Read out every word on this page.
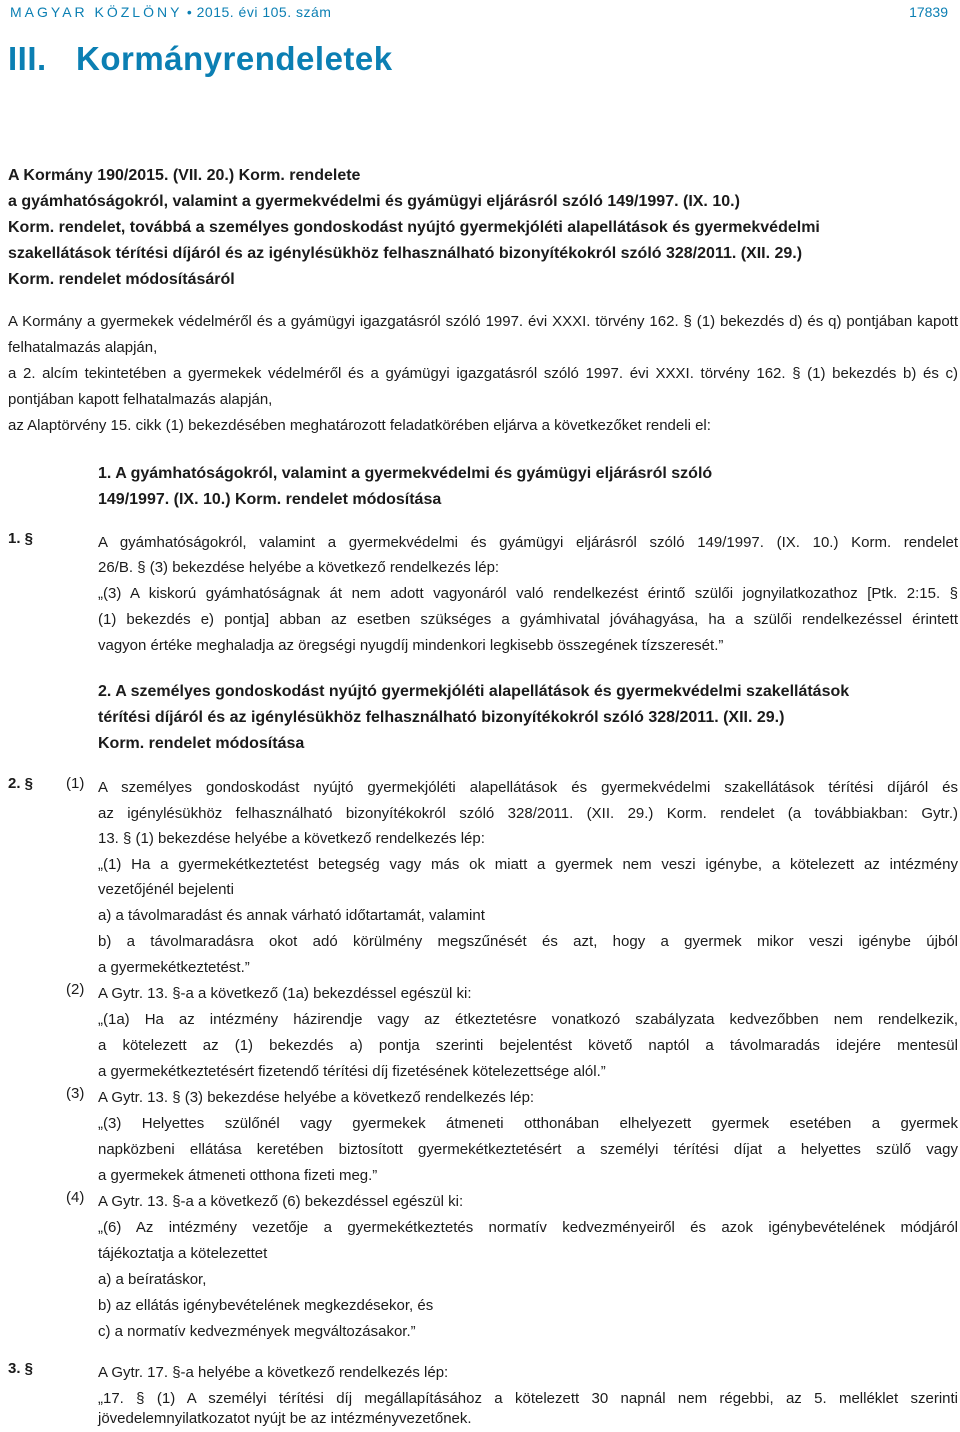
MAGYAR KÖZLÖNY • 2015. évi 105. szám	17839
III. Kormányrendeletek

A Kormány 190/2015. (VII. 20.) Korm. rendelete

a gyámhatóságokról, valamint a gyermekvédelmi és gyámügyi eljárásról szóló 149/1997. (IX. 10.)

Korm. rendelet, továbbá a személyes gondoskodást nyújtó gyermekjóléti alapellátások és gyermekvédelmi

szakellátások térítési díjáról és az igénylésükhöz felhasználható bizonyítékokról szóló 328/2011. (XII. 29.)

Korm. rendelet módosításáról

A Kormány a gyermekek védelméről és a gyámügyi igazgatásról szóló 1997. évi XXXI. törvény 162. § (1) bekezdés d) és q) pontjában kapott felhatalmazás alapján,

a 2. alcím tekintetében a gyermekek védelméről és a gyámügyi igazgatásról szóló 1997. évi XXXI. törvény 162. § (1) bekezdés b) és c) pontjában kapott felhatalmazás alapján,

az Alaptörvény 15. cikk (1) bekezdésében meghatározott feladatkörében eljárva a következőket rendeli el:

1. A gyámhatóságokról, valamint a gyermekvédelmi és gyámügyi eljárásról szóló

149/1997. (IX. 10.) Korm. rendelet módosítása

1. §	A gyámhatóságokról, valamint a gyermekvédelmi és gyámügyi eljárásról szóló 149/1997. (IX. 10.) Korm. rendelet
26/B. § (3) bekezdése helyébe a következő rendelkezés lép:
„(3) A kiskorú gyámhatóságnak át nem adott vagyonáról való rendelkezést érintő szülői jognyilatkozathoz [Ptk. 2:15. §
(1) bekezdés e) pontja] abban az esetben szükséges a gyámhivatal jóváhagyása, ha a szülői rendelkezéssel érintett
vagyon értéke meghaladja az öregségi nyugdíj mindenkori legkisebb összegének tízszeresét.”

2. A személyes gondoskodást nyújtó gyermekjóléti alapellátások és gyermekvédelmi szakellátások

térítési díjáról és az igénylésükhöz felhasználható bizonyítékokról szóló 328/2011. (XII. 29.)

Korm. rendelet módosítása

2. § (1) A személyes gondoskodást nyújtó gyermekjóléti alapellátások és gyermekvédelmi szakellátások térítési díjáról és
az igénylésükhöz felhasználható bizonyítékokról szóló 328/2011. (XII. 29.) Korm. rendelet (a továbbiakban: Gytr.)
13. § (1) bekezdése helyébe a következő rendelkezés lép:
„(1) Ha a gyermekétkeztetést betegség vagy más ok miatt a gyermek nem veszi igénybe, a kötelezett az intézmény
vezetőjénél bejelenti
a) a távolmaradást és annak várható időtartamát, valamint
b) a távolmaradásra okot adó körülmény megszűnését és azt, hogy a gyermek mikor veszi igénybe újból
a gyermekétkeztetést.”
(2) A Gytr. 13. §-a a következő (1a) bekezdéssel egészül ki:
„(1a) Ha az intézmény házirendje vagy az étkeztetésre vonatkozó szabályzata kedvezőbben nem rendelkezik,
a kötelezett az (1) bekezdés a) pontja szerinti bejelentést követő naptól a távolmaradás idejére mentesül
a gyermekétkeztetésért fizetendő térítési díj fizetésének kötelezettsége alól.”
(3) A Gytr. 13. § (3) bekezdése helyébe a következő rendelkezés lép:
„(3) Helyettes szülőnél vagy gyermekek átmeneti otthonában elhelyezett gyermek esetében a gyermek
napközbeni ellátása keretében biztosított gyermekétkeztetésért a személyi térítési díjat a helyettes szülő vagy
a gyermekek átmeneti otthona fizeti meg.”
(4) A Gytr. 13. §-a a következő (6) bekezdéssel egészül ki:
„(6) Az intézmény vezetője a gyermekétkeztetés normatív kedvezményeiről és azok igénybevételének módjáról
tájékoztatja a kötelezettet
a) a beíratáskor,
b) az ellátás igénybevételének megkezdésekor, és
c) a normatív kedvezmények megváltozásakor.”
3. §	A Gytr. 17. §-a helyébe a következő rendelkezés lép:
„17. § (1) A személyi térítési díj megállapításához a kötelezett 30 napnál nem régebbi, az 5. melléklet szerinti
jövedelemnyilatkozatot nyújt be az intézményvezetőnek.
